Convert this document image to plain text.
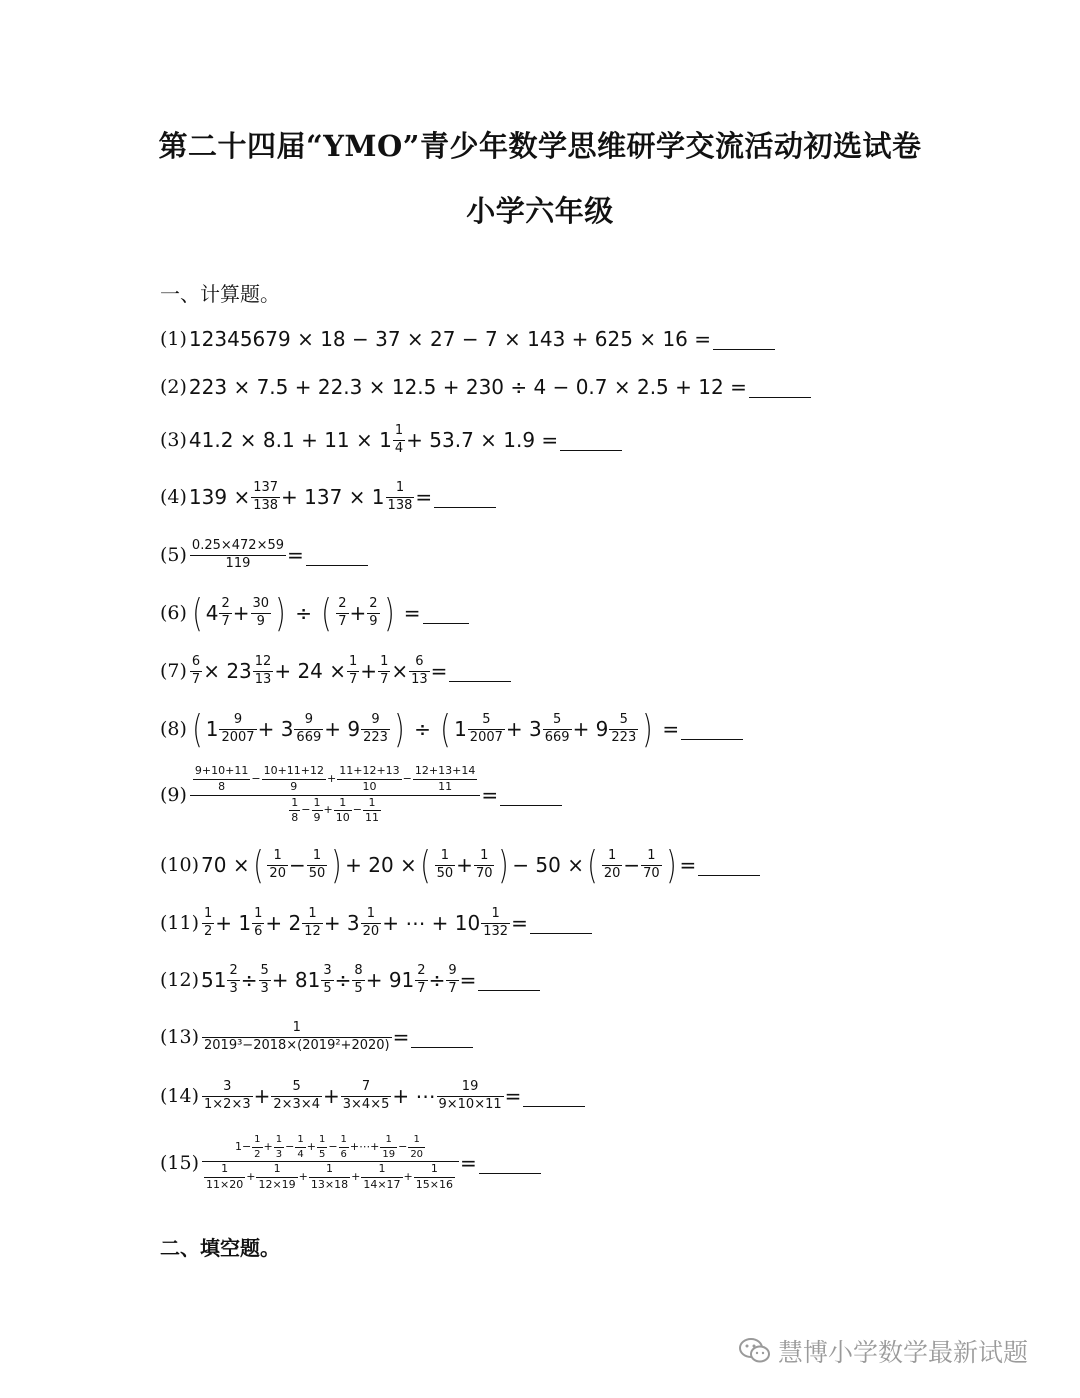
第二十四届“YMO”青少年数学思维研学交流活动初选试卷
小学六年级
一、计算题。
(1) 12345679 × 18 − 37 × 27 − 7 × 143 + 625 × 16 =
(2) 223 × 7.5 + 22.3 × 12.5 + 230 ÷ 4 − 0.7 × 2.5 + 12 =
(3) $41.2 \times 8.1 + 11 \times 1 \frac{1}{4} + 53.7 \times 1.9$ =
(4) $139 \times \frac{137}{138} + 137 \times 1 \frac{1}{138}$ =
$(5) \frac{0.25\times 472\times 59}{119}$ =
(6) ( $4 \frac{2}{7} + \frac{30}{9}$ ) ÷ ( $\frac{2}{7} + \frac{2}{9}$ ) =
$(7) \frac{6}{7} \times 23 \frac{12}{13} + 24 \times \frac{1}{7} + \frac{1}{7} \times \frac{6}{13}$ =
(8) ( $1 \frac{9}{2007} + 3 \frac{9}{669} + 9 \frac{9}{223}$ ) ÷ ( $1 \frac{5}{2007} + 3 \frac{5}{669} + 9 \frac{5}{223}$ ) =
(9)
$\frac{9+10+11}{8} - \frac{10+11+12}{9} + \frac{11+12+13}{10} - \frac{12+13+14}{11}$
$\frac{1}{8} - \frac{1}{9} + \frac{1}{10} - \frac{1}{11}$
=
(10) 70 × ( $\frac{1}{20} - \frac{1}{50}$ ) + 20 × ( $\frac{1}{50} + \frac{1}{70}$ ) − 50 × ( $\frac{1}{20} - \frac{1}{70}$ ) =
$(11) \frac{1}{2} + 1 \frac{1}{6} + 2 \frac{1}{12} + 3 \frac{1}{20}$ + ⋯ + $10 \frac{1}{132}$ =
(12) $51 \frac{2}{3} \div \frac{5}{3} + 81 \frac{3}{5} \div \frac{8}{5} + 91 \frac{2}{7} \div \frac{9}{7}$ =
$(13) \frac{1}{\text{2019³−2018×(2019²+2020)}}$ =
$(14) \frac{3}{1\times 2\times 3} + \frac{5}{2\times 3\times 4} + \frac{7}{3\times 4\times 5}$ + ⋯ $\frac{19}{9\times 10\times 11}$ =
(15)
$1- \frac{1}{2} + \frac{1}{3} - \frac{1}{4} + \frac{1}{5} - \frac{1}{6}$ +⋯+ $\frac{1}{19} - \frac{1}{20}$
$\frac{1}{11\times 20} + \frac{1}{12\times 19} + \frac{1}{13\times 18} + \frac{1}{14\times 17} + \frac{1}{15\times 16}$
=
二、填空题。
慧博小学数学最新试题
